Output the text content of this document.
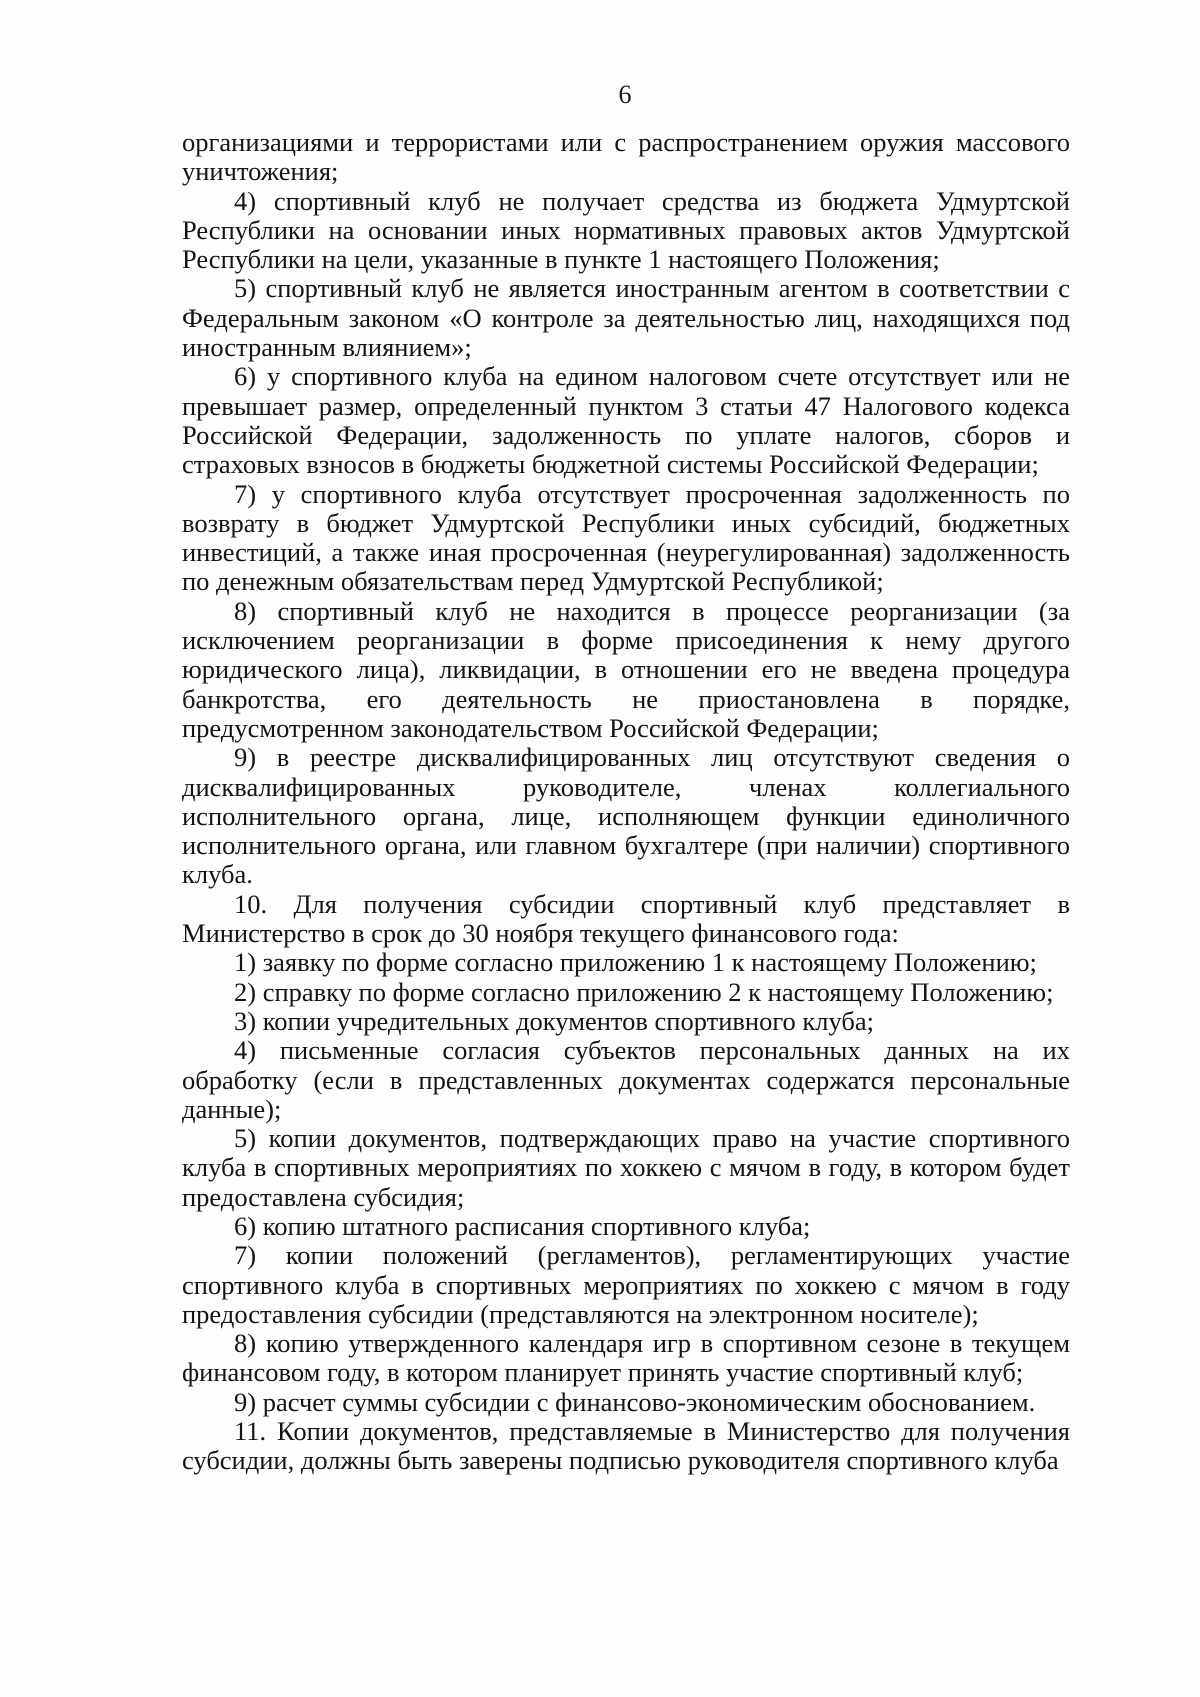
6

организациями и террористами или с распространением оружия массового уничтожения;

4) спортивный клуб не получает средства из бюджета Удмуртской Республики на основании иных нормативных правовых актов Удмуртской Республики на цели, указанные в пункте 1 настоящего Положения;

5) спортивный клуб не является иностранным агентом в соответствии с Федеральным законом «О контроле за деятельностью лиц, находящихся под иностранным влиянием»;

6) у спортивного клуба на едином налоговом счете отсутствует или не превышает размер, определенный пунктом 3 статьи 47 Налогового кодекса Российской Федерации, задолженность по уплате налогов, сборов и страховых взносов в бюджеты бюджетной системы Российской Федерации;

7) у спортивного клуба отсутствует просроченная задолженность по возврату в бюджет Удмуртской Республики иных субсидий, бюджетных инвестиций, а также иная просроченная (неурегулированная) задолженность по денежным обязательствам перед Удмуртской Республикой;

8) спортивный клуб не находится в процессе реорганизации (за исключением реорганизации в форме присоединения к нему другого юридического лица), ликвидации, в отношении его не введена процедура банкротства, его деятельность не приостановлена в порядке, предусмотренном законодательством Российской Федерации;

9) в реестре дисквалифицированных лиц отсутствуют сведения о дисквалифицированных руководителе, членах коллегиального исполнительного органа, лице, исполняющем функции единоличного исполнительного органа, или главном бухгалтере (при наличии) спортивного клуба.

10. Для получения субсидии спортивный клуб представляет в Министерство в срок до 30 ноября текущего финансового года:

1) заявку по форме согласно приложению 1 к настоящему Положению;

2) справку по форме согласно приложению 2 к настоящему Положению;

3) копии учредительных документов спортивного клуба;

4) письменные согласия субъектов персональных данных на их обработку (если в представленных документах содержатся персональные данные);

5) копии документов, подтверждающих право на участие спортивного клуба в спортивных мероприятиях по хоккею с мячом в году, в котором будет предоставлена субсидия;

6) копию штатного расписания спортивного клуба;

7) копии положений (регламентов), регламентирующих участие спортивного клуба в спортивных мероприятиях по хоккею с мячом в году предоставления субсидии (представляются на электронном носителе);

8) копию утвержденного календаря игр в спортивном сезоне в текущем финансовом году, в котором планирует принять участие спортивный клуб;

9) расчет суммы субсидии с финансово-экономическим обоснованием.

11. Копии документов, представляемые в Министерство для получения субсидии, должны быть заверены подписью руководителя спортивного клуба
